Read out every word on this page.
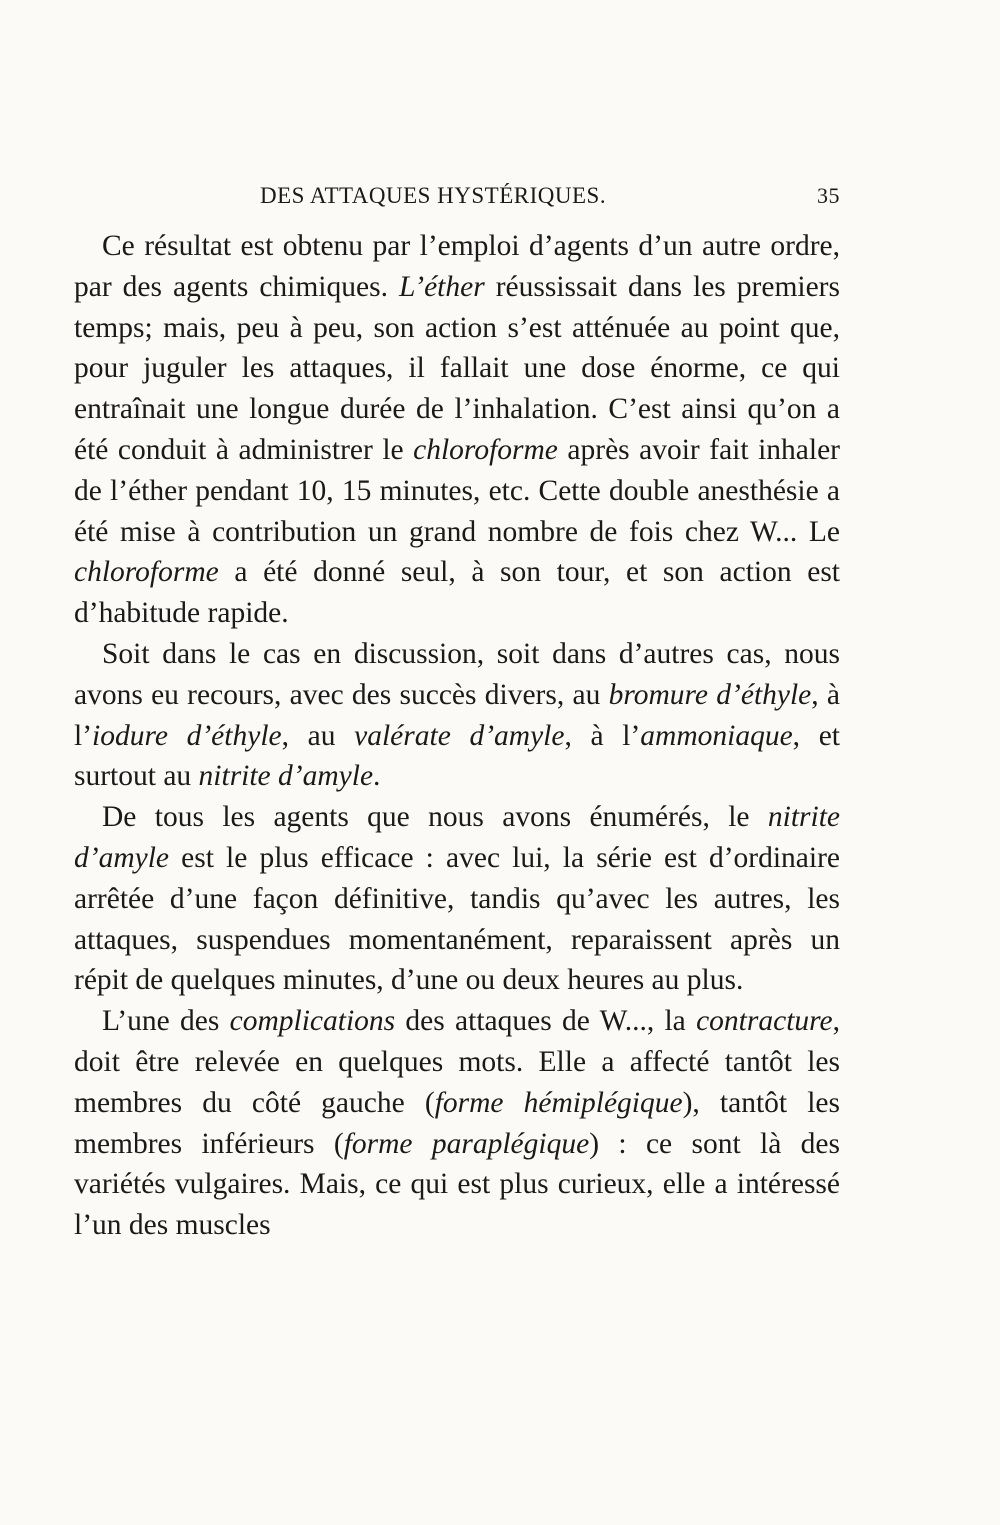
DES ATTAQUES HYSTÉRIQUES.	35

Ce résultat est obtenu par l’emploi d’agents d’un autre ordre, par des agents chimiques. L’éther réussissait dans les premiers temps; mais, peu à peu, son action s’est atténuée au point que, pour juguler les attaques, il fallait une dose énorme, ce qui entraînait une longue durée de l’inhalation. C’est ainsi qu’on a été conduit à administrer le chloroforme après avoir fait inhaler de l’éther pendant 10, 15 minutes, etc. Cette double anesthésie a été mise à contribution un grand nombre de fois chez W... Le chloroforme a été donné seul, à son tour, et son action est d’habitude rapide.

Soit dans le cas en discussion, soit dans d’autres cas, nous avons eu recours, avec des succès divers, au bromure d’éthyle, à l’iodure d’éthyle, au valérate d’amyle, à l’ammoniaque, et surtout au nitrite d’amyle.

De tous les agents que nous avons énumérés, le nitrite d’amyle est le plus efficace : avec lui, la série est d’ordinaire arrêtée d’une façon définitive, tandis qu’avec les autres, les attaques, suspendues momentanément, reparaissent après un répit de quelques minutes, d’une ou deux heures au plus.

L’une des complications des attaques de W..., la contracture, doit être relevée en quelques mots. Elle a affecté tantôt les membres du côté gauche (forme hémiplégique), tantôt les membres inférieurs (forme paraplégique) : ce sont là des variétés vulgaires. Mais, ce qui est plus curieux, elle a intéressé l’un des muscles
